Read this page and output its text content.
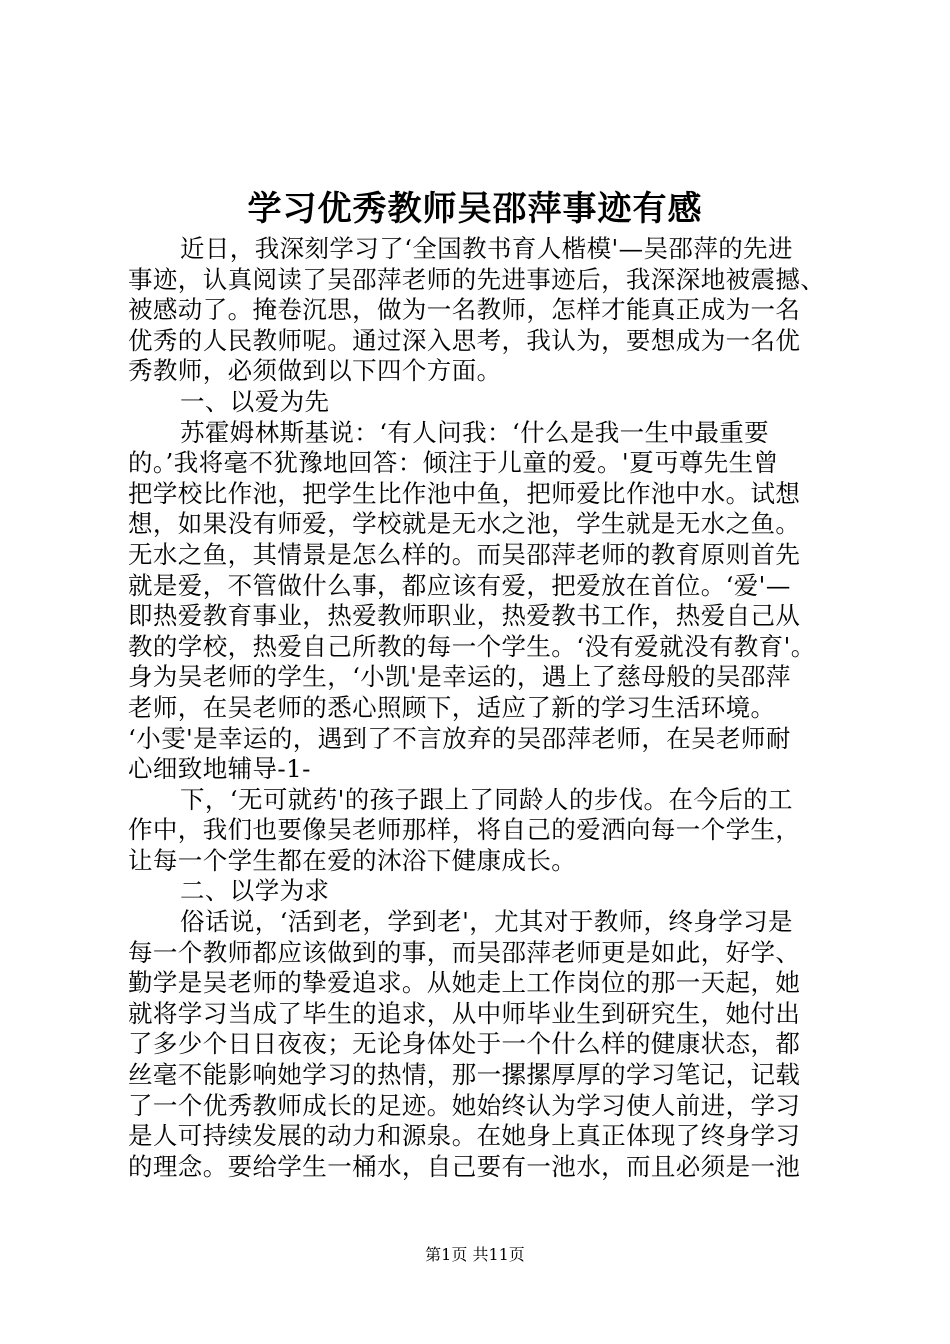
学习优秀教师吴邵萍事迹有感
近日，我深刻学习了‘全国教书育人楷模'—吴邵萍的先进
事迹，认真阅读了吴邵萍老师的先进事迹后，我深深地被震撼、
被感动了。掩卷沉思，做为一名教师，怎样才能真正成为一名
优秀的人民教师呢。通过深入思考，我认为，要想成为一名优
秀教师，必须做到以下四个方面。
一、以爱为先
苏霍姆林斯基说：‘有人问我：‘什么是我一生中最重要
的。’我将毫不犹豫地回答：倾注于儿童的爱。'夏丏尊先生曾
把学校比作池，把学生比作池中鱼，把师爱比作池中水。试想
想，如果没有师爱，学校就是无水之池，学生就是无水之鱼。
无水之鱼，其情景是怎么样的。而吴邵萍老师的教育原则首先
就是爱，不管做什么事，都应该有爱，把爱放在首位。‘爱'—
即热爱教育事业，热爱教师职业，热爱教书工作，热爱自己从
教的学校，热爱自己所教的每一个学生。‘没有爱就没有教育'。
身为吴老师的学生，‘小凯'是幸运的，遇上了慈母般的吴邵萍
老师，在吴老师的悉心照顾下，适应了新的学习生活环境。
‘小雯'是幸运的，遇到了不言放弃的吴邵萍老师，在吴老师耐
心细致地辅导-1-
下，‘无可就药'的孩子跟上了同龄人的步伐。在今后的工
作中，我们也要像吴老师那样，将自己的爱洒向每一个学生，
让每一个学生都在爱的沐浴下健康成长。
二、以学为求
俗话说，‘活到老，学到老'，尤其对于教师，终身学习是
每一个教师都应该做到的事，而吴邵萍老师更是如此，好学、
勤学是吴老师的挚爱追求。从她走上工作岗位的那一天起，她
就将学习当成了毕生的追求，从中师毕业生到研究生，她付出
了多少个日日夜夜；无论身体处于一个什么样的健康状态，都
丝毫不能影响她学习的热情，那一摞摞厚厚的学习笔记，记载
了一个优秀教师成长的足迹。她始终认为学习使人前进，学习
是人可持续发展的动力和源泉。在她身上真正体现了终身学习
的理念。要给学生一桶水，自己要有一池水，而且必须是一池
第1页 共11页
